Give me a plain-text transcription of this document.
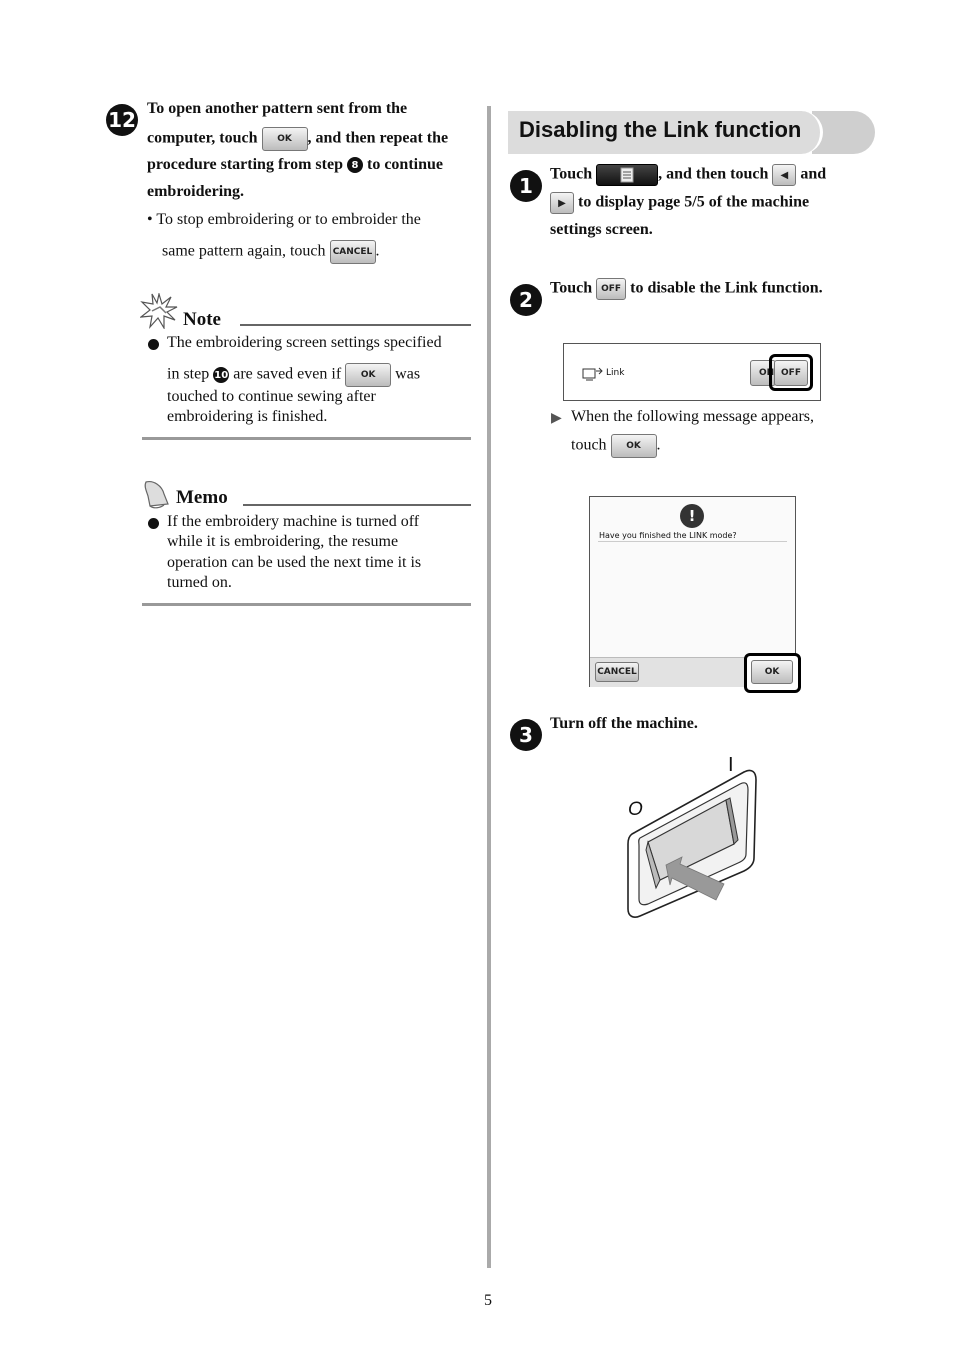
12 To open another pattern sent from the
computer, touch OK , and then repeat the
procedure starting from step 8 to continue
embroidering.
• To stop embroidering or to embroider the
same pattern again, touch CANCEL .
Note
The embroidering screen settings specified
in step 10 are saved even if OK was
touched to continue sewing after
embroidering is finished.
Memo
If the embroidery machine is turned off
while it is embroidering, the resume
operation can be used the next time it is
turned on.
Disabling the Link function
1	Touch	, and then touch ◀ and
▶ to display page 5/5 of the machine
settings screen.
2	Touch OFF to disable the Link function.
Link	ON OFF
▶ When the following message appears,
touch OK .
!
Have you finished the LINK mode?
CANCEL	OK
3	Turn off the machine.
I
O
5
